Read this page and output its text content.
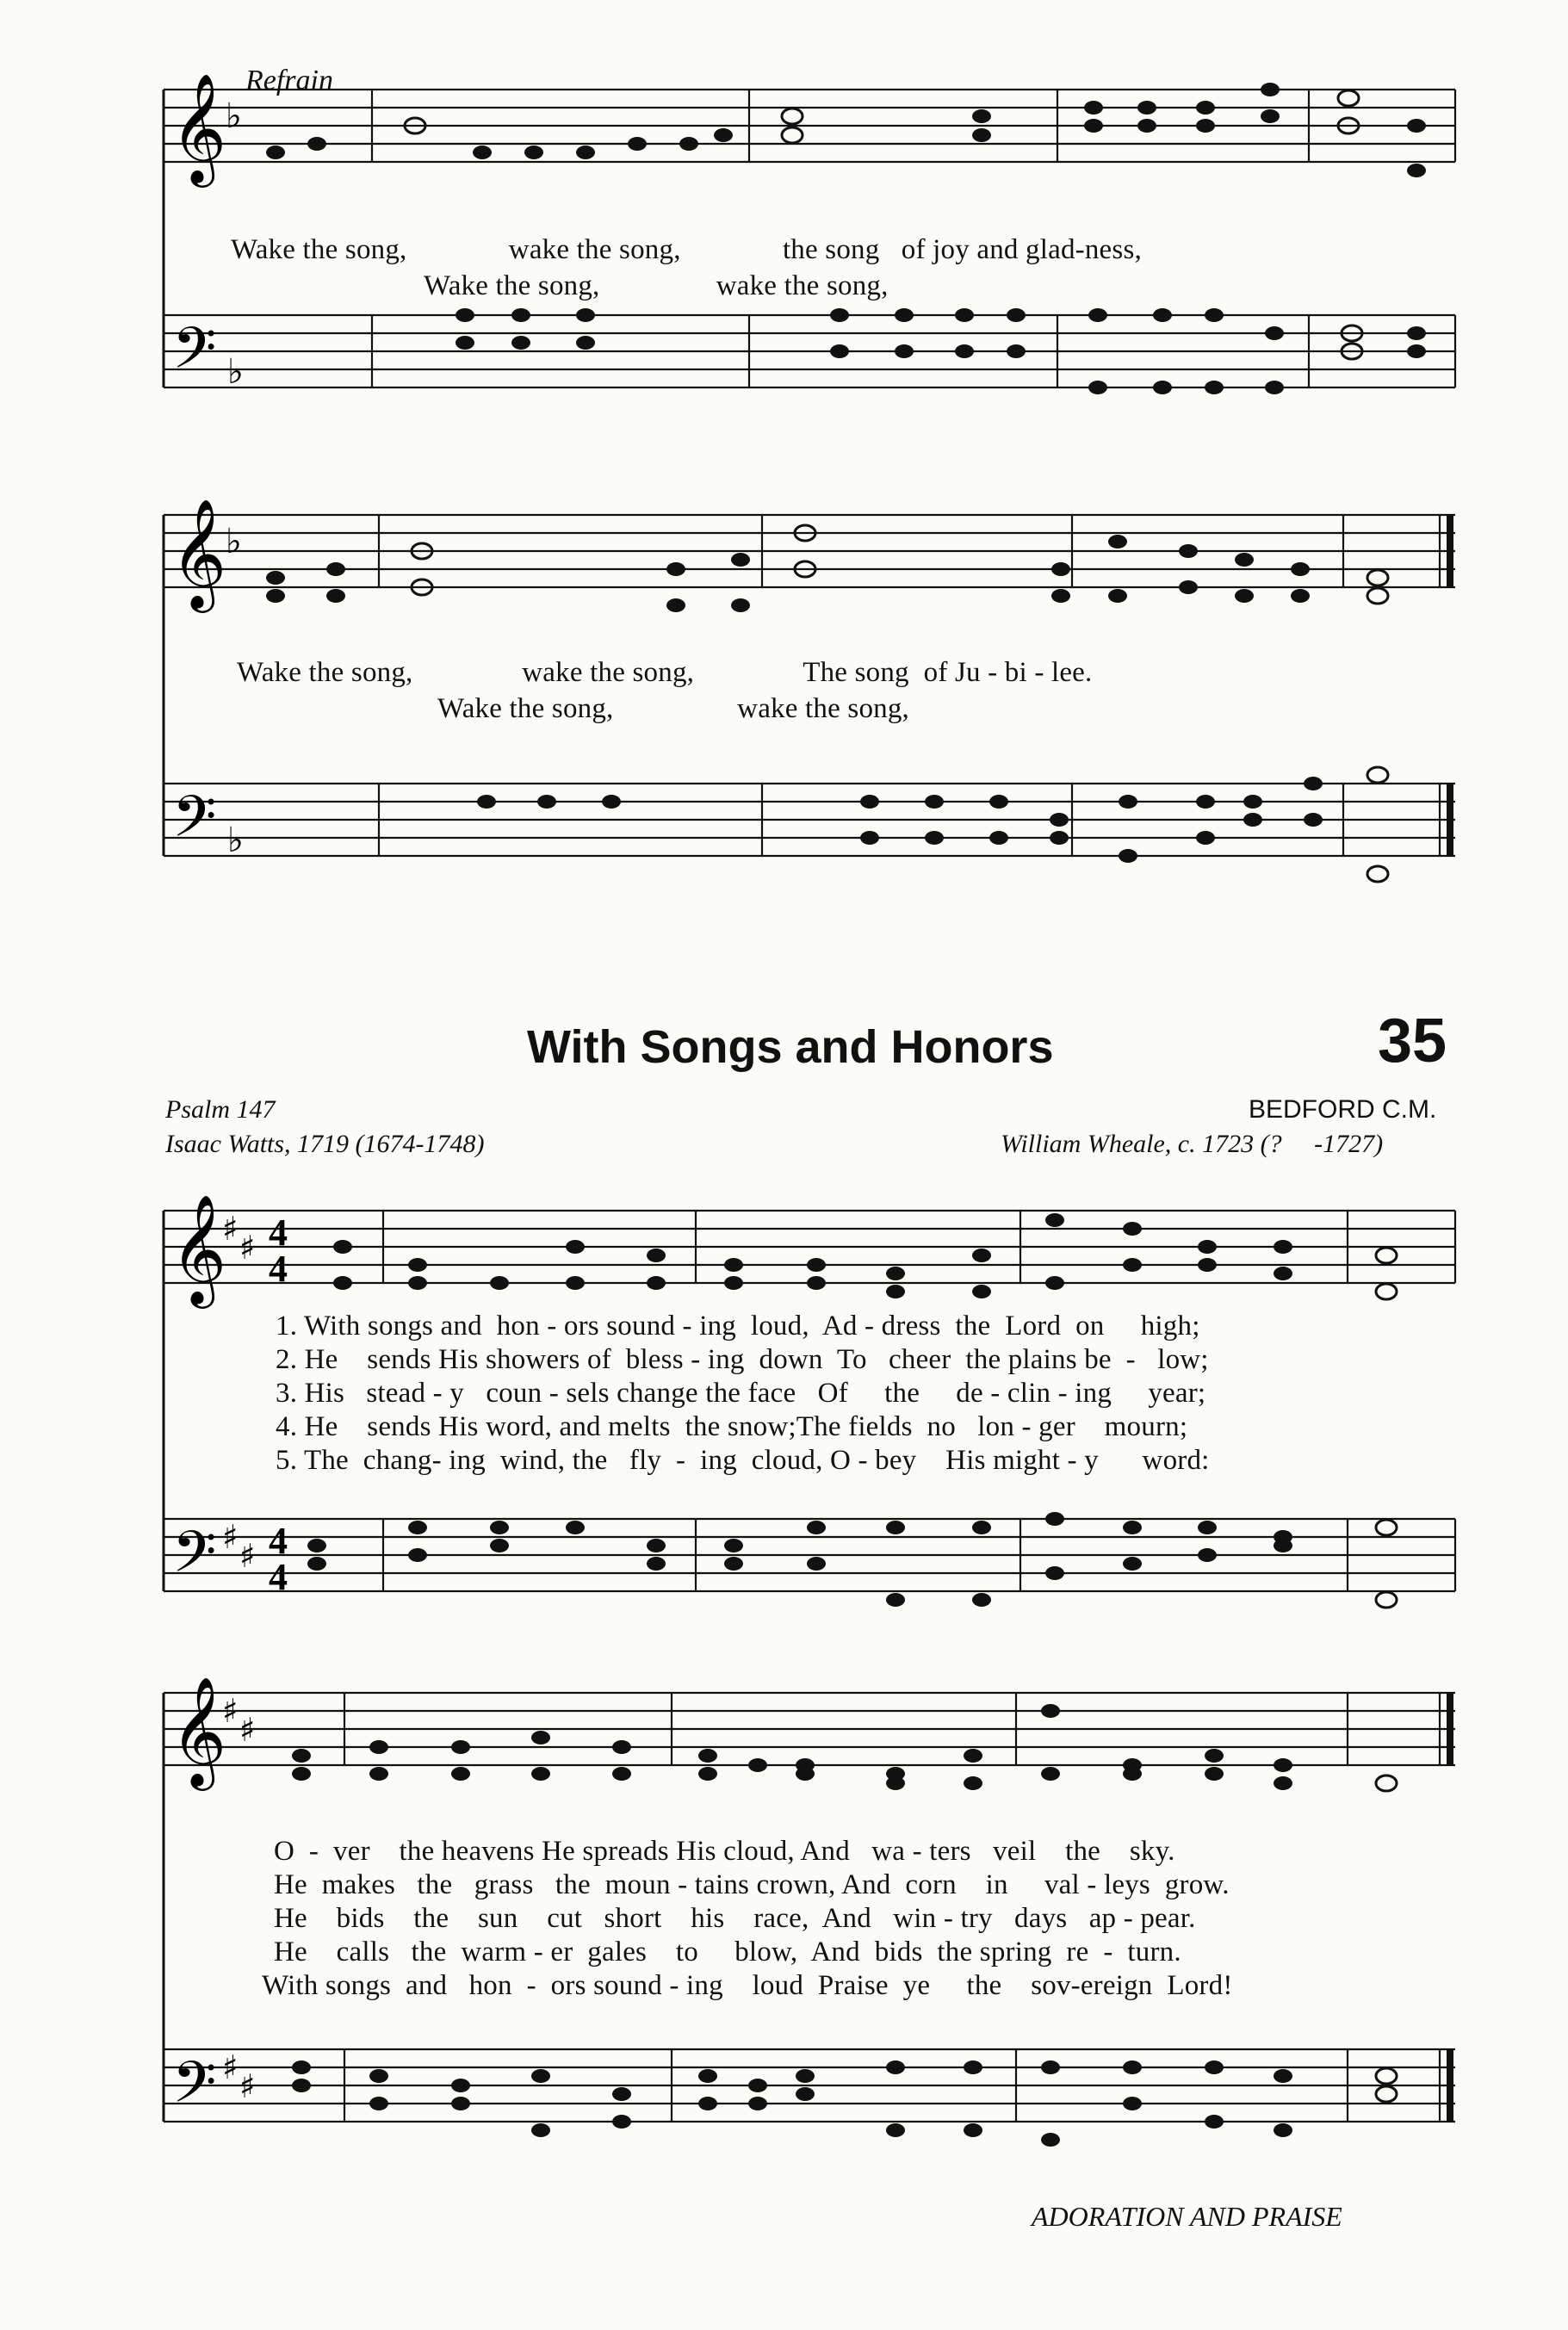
Refrain
𝄞
𝄢
♭
♭
Wake the song,              wake the song,              the song   of joy and glad-ness,
Wake the song,                wake the song,
𝄞
𝄢
♭
♭
Wake the song,               wake the song,               The song  of Ju - bi - lee.
Wake the song,                 wake the song,
With Songs and Honors	35
Psalm 147
Isaac Watts, 1719 (1674-1748)
BEDFORD C.M.
William Wheale, c. 1723 (?     -1727)
𝄞
𝄢
♯ ♯
♯ ♯
4
4
4
4
1. With songs and  hon - ors sound - ing  loud,  Ad - dress  the  Lord  on     high;
2. He    sends His showers of  bless - ing  down  To   cheer  the plains be  -   low;
3. His   stead - y   coun - sels change the face   Of     the     de - clin - ing     year;
4. He    sends His word, and melts  the snow;The fields  no   lon - ger    mourn;
5. The  chang- ing  wind, the   fly  -  ing  cloud, O - bey    His might - y      word:
𝄞
𝄢
♯ ♯
♯ ♯
O  -  ver    the heavens He spreads His cloud, And   wa - ters   veil    the    sky.
He  makes   the   grass   the  moun - tains crown, And  corn    in     val - leys  grow.
He    bids    the    sun    cut   short    his    race,  And   win - try   days   ap - pear.
He    calls   the  warm - er  gales    to     blow,  And  bids  the spring  re  -  turn.
With songs  and   hon  -  ors sound - ing    loud  Praise  ye     the    sov-ereign  Lord!
ADORATION AND PRAISE
